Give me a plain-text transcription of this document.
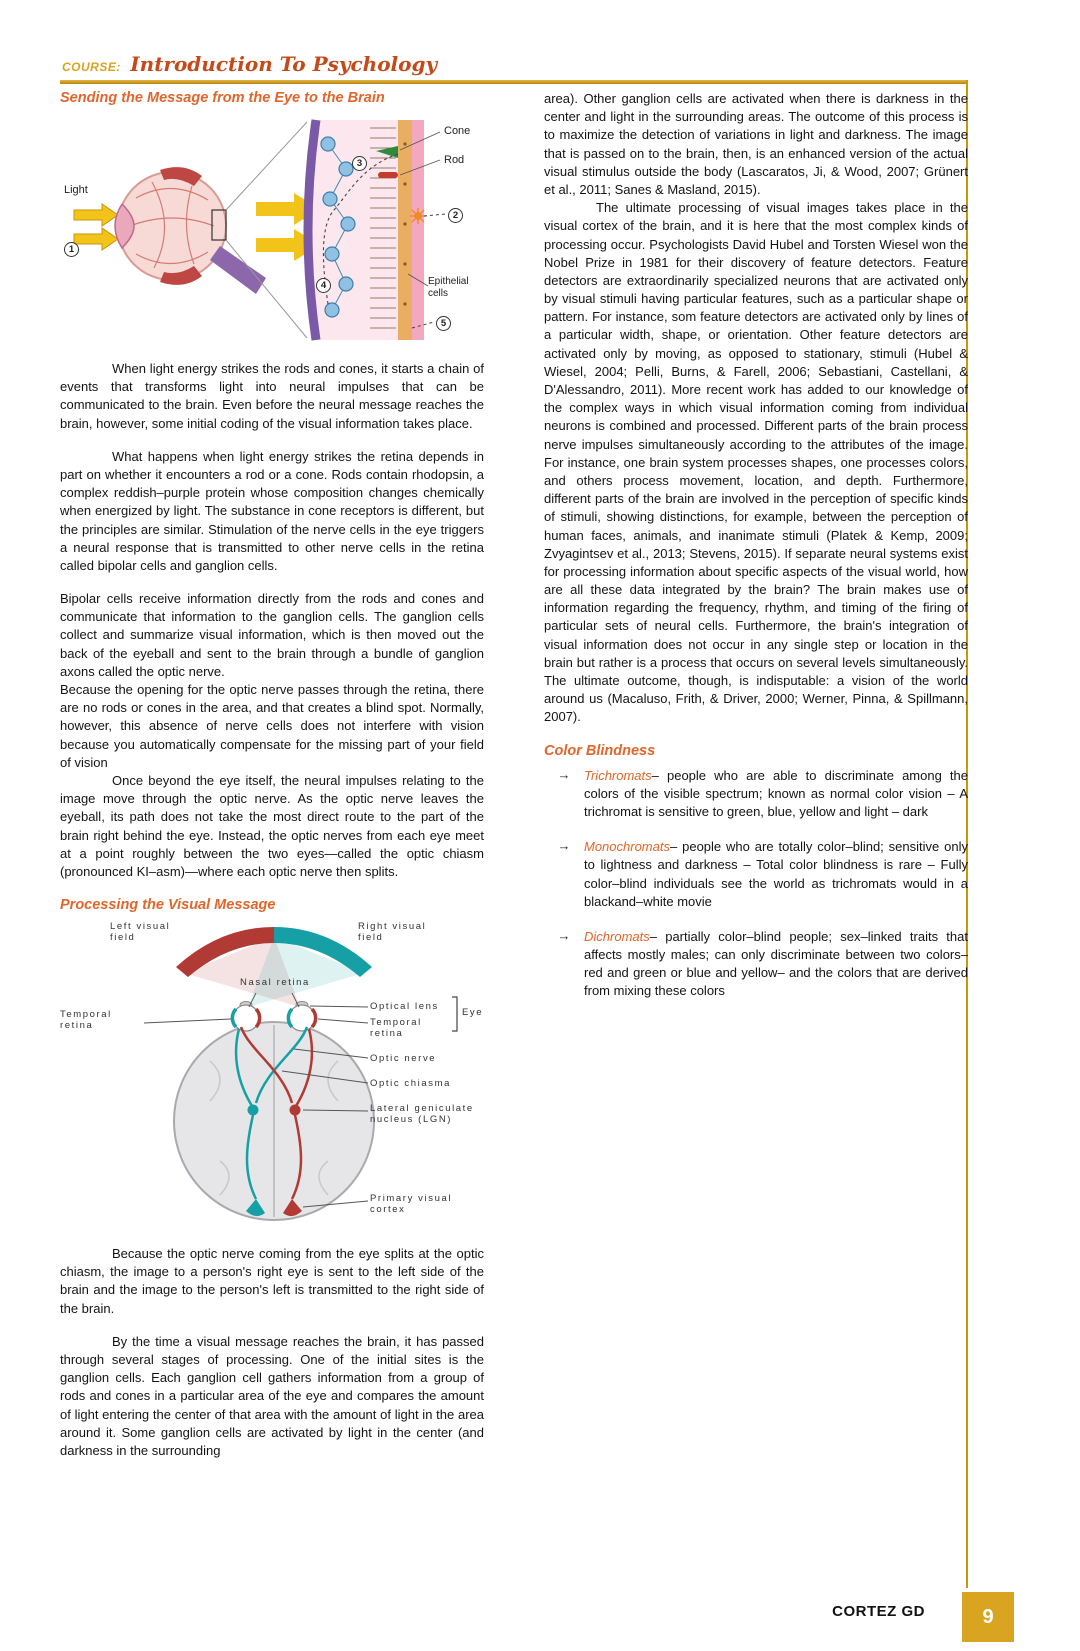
COURSE: Introduction To Psychology
Sending the Message from the Eye to the Brain
Light
Cone
Rod
Epithelial cells
1
2
3
4
5

When light energy strikes the rods and cones, it starts a chain of events that transforms light into neural impulses that can be communicated to the brain. Even before the neural message reaches the brain, however, some initial coding of the visual information takes place.

What happens when light energy strikes the retina depends in part on whether it encounters a rod or a cone. Rods contain rhodopsin, a complex reddish–purple protein whose composition changes chemically when energized by light. The substance in cone receptors is different, but the principles are similar. Stimulation of the nerve cells in the eye triggers a neural response that is transmitted to other nerve cells in the retina called bipolar cells and ganglion cells.

Bipolar cells receive information directly from the rods and cones and communicate that information to the ganglion cells. The ganglion cells collect and summarize visual information, which is then moved out the back of the eyeball and sent to the brain through a bundle of ganglion axons called the optic nerve.

Because the opening for the optic nerve passes through the retina, there are no rods or cones in the area, and that creates a blind spot. Normally, however, this absence of nerve cells does not interfere with vision because you automatically compensate for the missing part of your field of vision

Once beyond the eye itself, the neural impulses relating to the image move through the optic nerve. As the optic nerve leaves the eyeball, its path does not take the most direct route to the part of the brain right behind the eye. Instead, the optic nerves from each eye meet at a point roughly between the two eyes—called the optic chiasm (pronounced KI–asm)—where each optic nerve then splits.

Processing the Visual Message
Left visual field
Right visual field
Nasal retina
Temporal retina
Optical lens
Temporal retina
Eye
Optic nerve
Optic chiasma
Lateral geniculate nucleus (LGN)
Primary visual cortex

Because the optic nerve coming from the eye splits at the optic chiasm, the image to a person's right eye is sent to the left side of the brain and the image to the person's left is transmitted to the right side of the brain.

By the time a visual message reaches the brain, it has passed through several stages of processing. One of the initial sites is the ganglion cells. Each ganglion cell gathers information from a group of rods and cones in a particular area of the eye and compares the amount of light entering the center of that area with the amount of light in the area around it. Some ganglion cells are activated by light in the center (and darkness in the surrounding

area). Other ganglion cells are activated when there is darkness in the center and light in the surrounding areas. The outcome of this process is to maximize the detection of variations in light and darkness. The image that is passed on to the brain, then, is an enhanced version of the actual visual stimulus outside the body (Lascaratos, Ji, & Wood, 2007; Grünert et al., 2011; Sanes & Masland, 2015).

The ultimate processing of visual images takes place in the visual cortex of the brain, and it is here that the most complex kinds of processing occur. Psychologists David Hubel and Torsten Wiesel won the Nobel Prize in 1981 for their discovery of feature detectors. Feature detectors are extraordinarily specialized neurons that are activated only by visual stimuli having particular features, such as a particular shape or pattern. For instance, som feature detectors are activated only by lines of a particular width, shape, or orientation. Other feature detectors are activated only by moving, as opposed to stationary, stimuli (Hubel & Wiesel, 2004; Pelli, Burns, & Farell, 2006; Sebastiani, Castellani, & D'Alessandro, 2011). More recent work has added to our knowledge of the complex ways in which visual information coming from individual neurons is combined and processed. Different parts of the brain process nerve impulses simultaneously according to the attributes of the image. For instance, one brain system processes shapes, one processes colors, and others process movement, location, and depth. Furthermore, different parts of the brain are involved in the perception of specific kinds of stimuli, showing distinctions, for example, between the perception of human faces, animals, and inanimate stimuli (Platek & Kemp, 2009; Zvyagintsev et al., 2013; Stevens, 2015). If separate neural systems exist for processing information about specific aspects of the visual world, how are all these data integrated by the brain? The brain makes use of information regarding the frequency, rhythm, and timing of the firing of particular sets of neural cells. Furthermore, the brain's integration of visual information does not occur in any single step or location in the brain but rather is a process that occurs on several levels simultaneously. The ultimate outcome, though, is indisputable: a vision of the world around us (Macaluso, Frith, & Driver, 2000; Werner, Pinna, & Spillmann, 2007).

Color Blindness
→	Trichromats– people who are able to discriminate among the colors of the visible spectrum; known as normal color vision – A trichromat is sensitive to green, blue, yellow and light – dark
→	Monochromats– people who are totally color–blind; sensitive only to lightness and darkness – Total color blindness is rare – Fully color–blind individuals see the world as trichromats would in a blackand–white movie
→	Dichromats– partially color–blind people; sex–linked traits that affects mostly males; can only discriminate between two colors– red and green or blue and yellow– and the colors that are derived from mixing these colors
CORTEZ GD	9
